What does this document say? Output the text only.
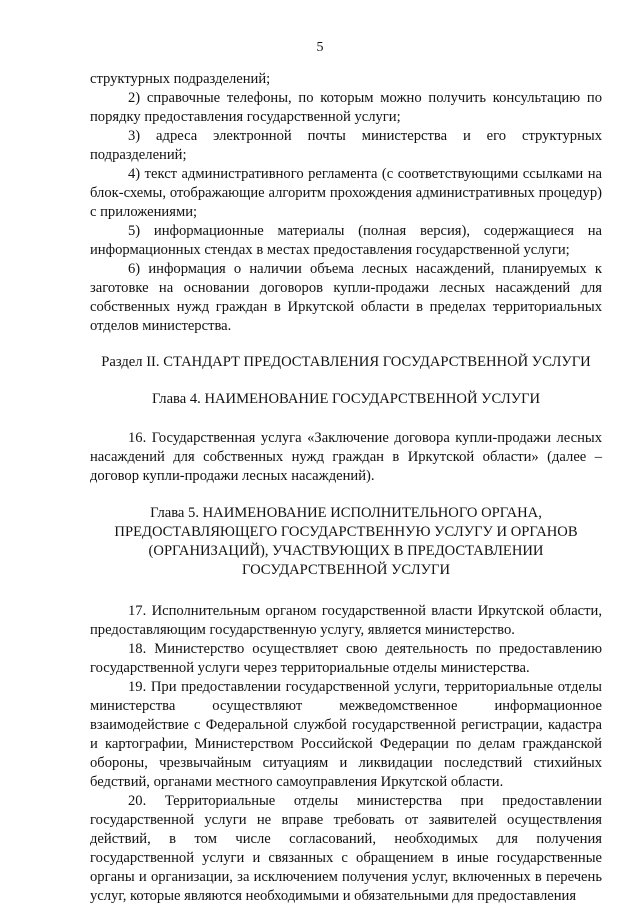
5

структурных подразделений;

2) справочные телефоны, по которым можно получить консультацию по порядку предоставления государственной услуги;

3) адреса электронной почты министерства и его структурных подразделений;

4) текст административного регламента (с соответствующими ссылками на блок-схемы, отображающие алгоритм прохождения административных процедур) с приложениями;

5) информационные материалы (полная версия), содержащиеся на информационных стендах в местах предоставления государственной услуги;

6) информация о наличии объема лесных насаждений, планируемых к заготовке на основании договоров купли-продажи лесных насаждений для собственных нужд граждан в Иркутской области в пределах территориальных отделов министерства.

Раздел II. СТАНДАРТ ПРЕДОСТАВЛЕНИЯ ГОСУДАРСТВЕННОЙ УСЛУГИ
Глава 4. НАИМЕНОВАНИЕ ГОСУДАРСТВЕННОЙ УСЛУГИ

16. Государственная услуга «Заключение договора купли-продажи лесных насаждений для собственных нужд граждан в Иркутской области» (далее – договор купли-продажи лесных насаждений).

Глава 5. НАИМЕНОВАНИЕ ИСПОЛНИТЕЛЬНОГО ОРГАНА,
ПРЕДОСТАВЛЯЮЩЕГО ГОСУДАРСТВЕННУЮ УСЛУГУ И ОРГАНОВ
(ОРГАНИЗАЦИЙ), УЧАСТВУЮЩИХ В ПРЕДОСТАВЛЕНИИ
ГОСУДАРСТВЕННОЙ УСЛУГИ

17. Исполнительным органом государственной власти Иркутской области, предоставляющим государственную услугу, является министерство.

18. Министерство осуществляет свою деятельность по предоставлению государственной услуги через территориальные отделы министерства.

19. При предоставлении государственной услуги, территориальные отделы министерства осуществляют межведомственное информационное взаимодействие с Федеральной службой государственной регистрации, кадастра и картографии, Министерством Российской Федерации по делам гражданской обороны, чрезвычайным ситуациям и ликвидации последствий стихийных бедствий, органами местного самоуправления Иркутской области.

20. Территориальные отделы министерства при предоставлении государственной услуги не вправе требовать от заявителей осуществления действий, в том числе согласований, необходимых для получения государственной услуги и связанных с обращением в иные государственные органы и организации, за исключением получения услуг, включенных в перечень услуг, которые являются необходимыми и обязательными для предоставления
